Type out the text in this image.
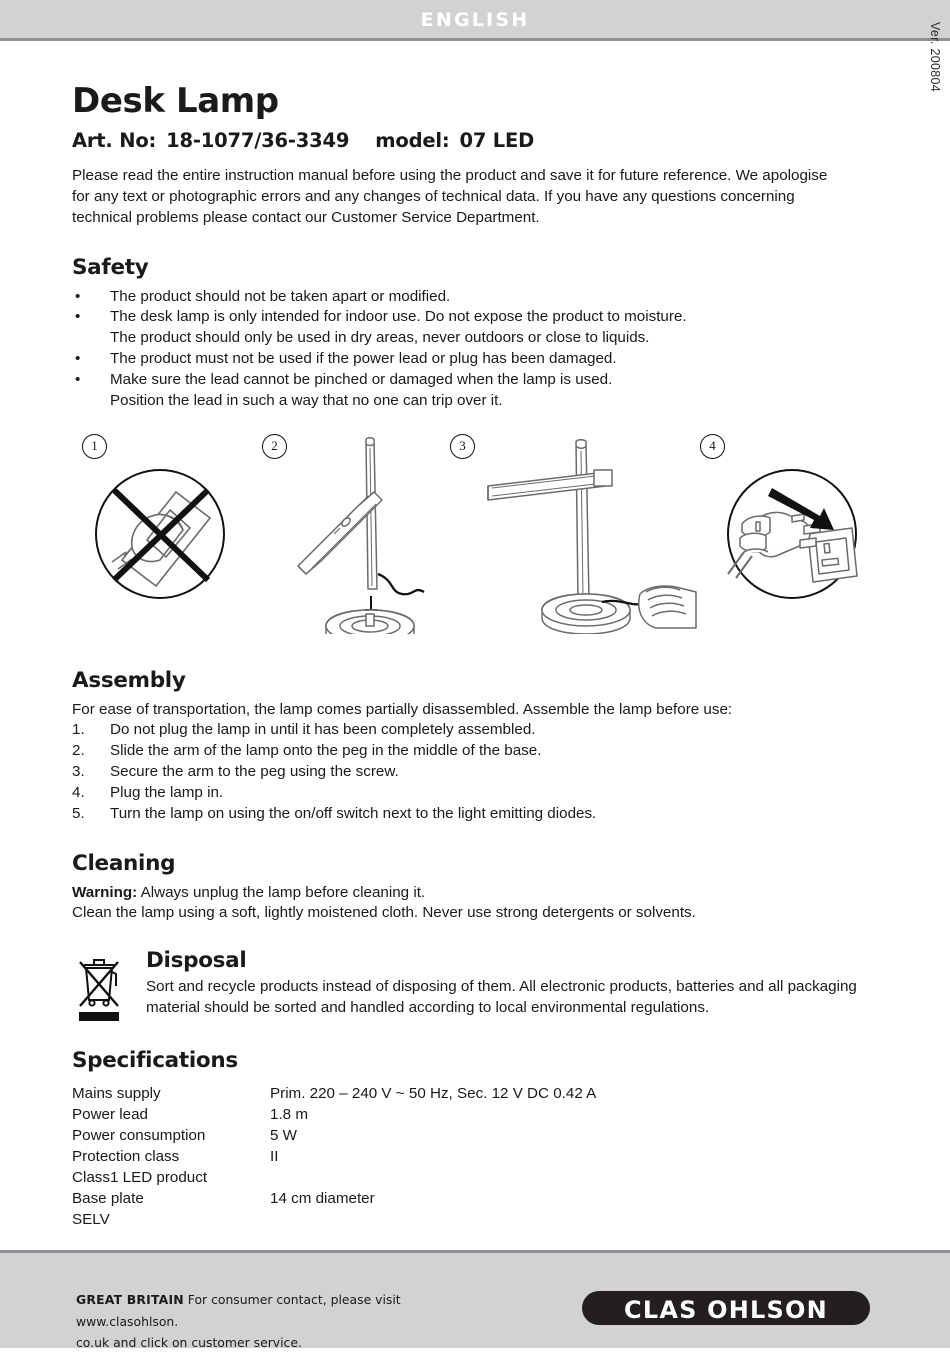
ENGLISH
Ver. 200804
Desk Lamp
Art. No: 18-1077/36-3349 model: 07 LED

Please read the entire instruction manual before using the product and save it for future reference. We apologise for any text or photographic errors and any changes of technical data. If you have any questions concerning technical problems please contact our Customer Service Department.

Safety
• The product should not be taken apart or modified.
• The desk lamp is only intended for indoor use. Do not expose the product to moisture.
The product should only be used in dry areas, never outdoors or close to liquids.
• The product must not be used if the power lead or plug has been damaged.
• Make sure the lead cannot be pinched or damaged when the lamp is used.
Position the lead in such a way that no one can trip over it.
1	2	3	4
Assembly

For ease of transportation, the lamp comes partially disassembled. Assemble the lamp before use:

1.	Do not plug the lamp in until it has been completely assembled.
2.	Slide the arm of the lamp onto the peg in the middle of the base.
3.	Secure the arm to the peg using the screw.
4.	Plug the lamp in.
5.	Turn the lamp on using the on/off switch next to the light emitting diodes.
Cleaning

Warning: Always unplug the lamp before cleaning it.

Clean the lamp using a soft, lightly moistened cloth. Never use strong detergents or solvents.

Disposal

Sort and recycle products instead of disposing of them. All electronic products, batteries and all packaging material should be sorted and handled according to local environmental regulations.

Specifications
Mains supply	Prim. 220 – 240 V ~ 50 Hz, Sec. 12 V DC 0.42 A
Power lead	1.8 m
Power consumption	5 W
Protection class	II
Class1 LED product	
Base plate	14 cm diameter
SELV	
GREAT BRITAIN For consumer contact, please visit www.clasohlson.
co.uk and click on customer service.
CLAS OHLSON
